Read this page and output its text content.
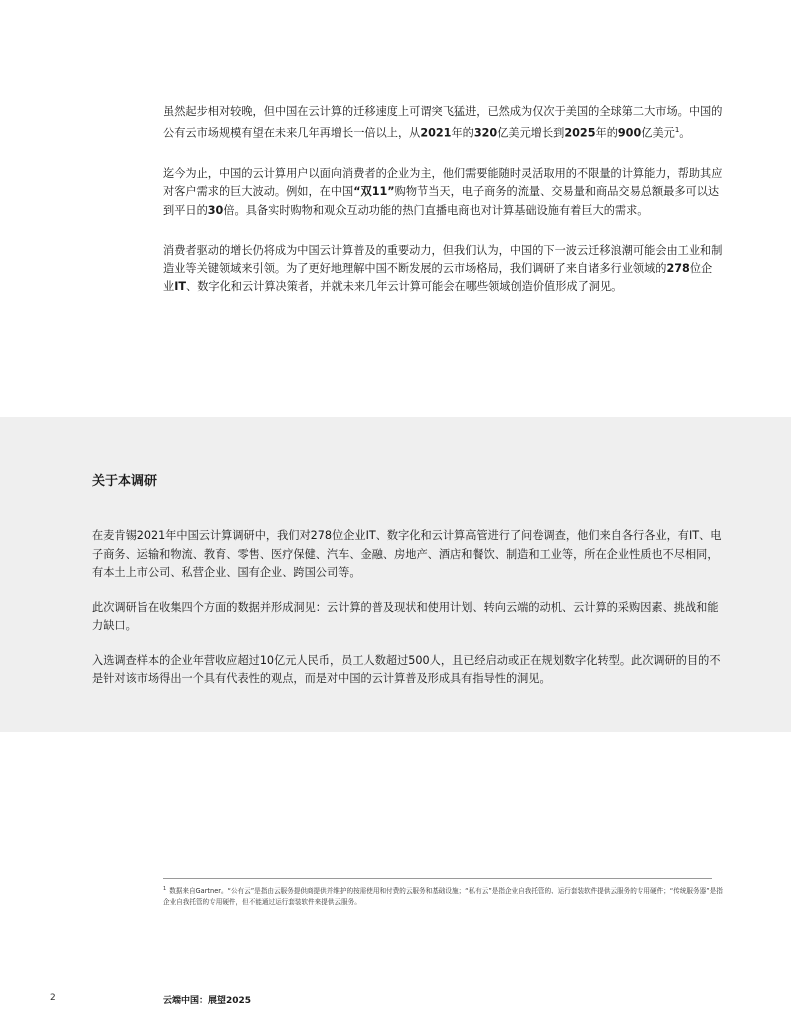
虽然起步相对较晚，但中国在云计算的迁移速度上可谓突飞猛进，已然成为仅次于美国的全球第二大市场。中国的公有云市场规模有望在未来几年再增长一倍以上，从2021年的320亿美元增长到2025年的900亿美元$^1$。

迄今为止，中国的云计算用户以面向消费者的企业为主，他们需要能随时灵活取用的不限量的计算能力，帮助其应对客户需求的巨大波动。例如，在中国“双11”购物节当天，电子商务的流量、交易量和商品交易总额最多可以达到平日的30倍。具备实时购物和观众互动功能的热门直播电商也对计算基础设施有着巨大的需求。

消费者驱动的增长仍将成为中国云计算普及的重要动力，但我们认为，中国的下一波云迁移浪潮可能会由工业和制造业等关键领域来引领。为了更好地理解中国不断发展的云市场格局，我们调研了来自诸多行业领域的278位企业IT、数字化和云计算决策者，并就未来几年云计算可能会在哪些领域创造价值形成了洞见。

关于本调研

在麦肯锡2021年中国云计算调研中，我们对278位企业IT、数字化和云计算高管进行了问卷调查，他们来自各行各业，有IT、电子商务、运输和物流、教育、零售、医疗保健、汽车、金融、房地产、酒店和餐饮、制造和工业等，所在企业性质也不尽相同，有本土上市公司、私营企业、国有企业、跨国公司等。

此次调研旨在收集四个方面的数据并形成洞见：云计算的普及现状和使用计划、转向云端的动机、云计算的采购因素、挑战和能力缺口。

入选调查样本的企业年营收应超过10亿元人民币，员工人数超过500人，且已经启动或正在规划数字化转型。此次调研的目的不是针对该市场得出一个具有代表性的观点，而是对中国的云计算普及形成具有指导性的洞见。

$^1$ 数据来自Gartner。“公有云”是指由云服务提供商提供并维护的按需使用和付费的云服务和基础设施；“私有云”是指企业自我托管的、运行套装软件提供云服务的专用硬件；“传统服务器”是指企业自我托管的专用硬件，但不能通过运行套装软件来提供云服务。
2	云端中国：展望2025
